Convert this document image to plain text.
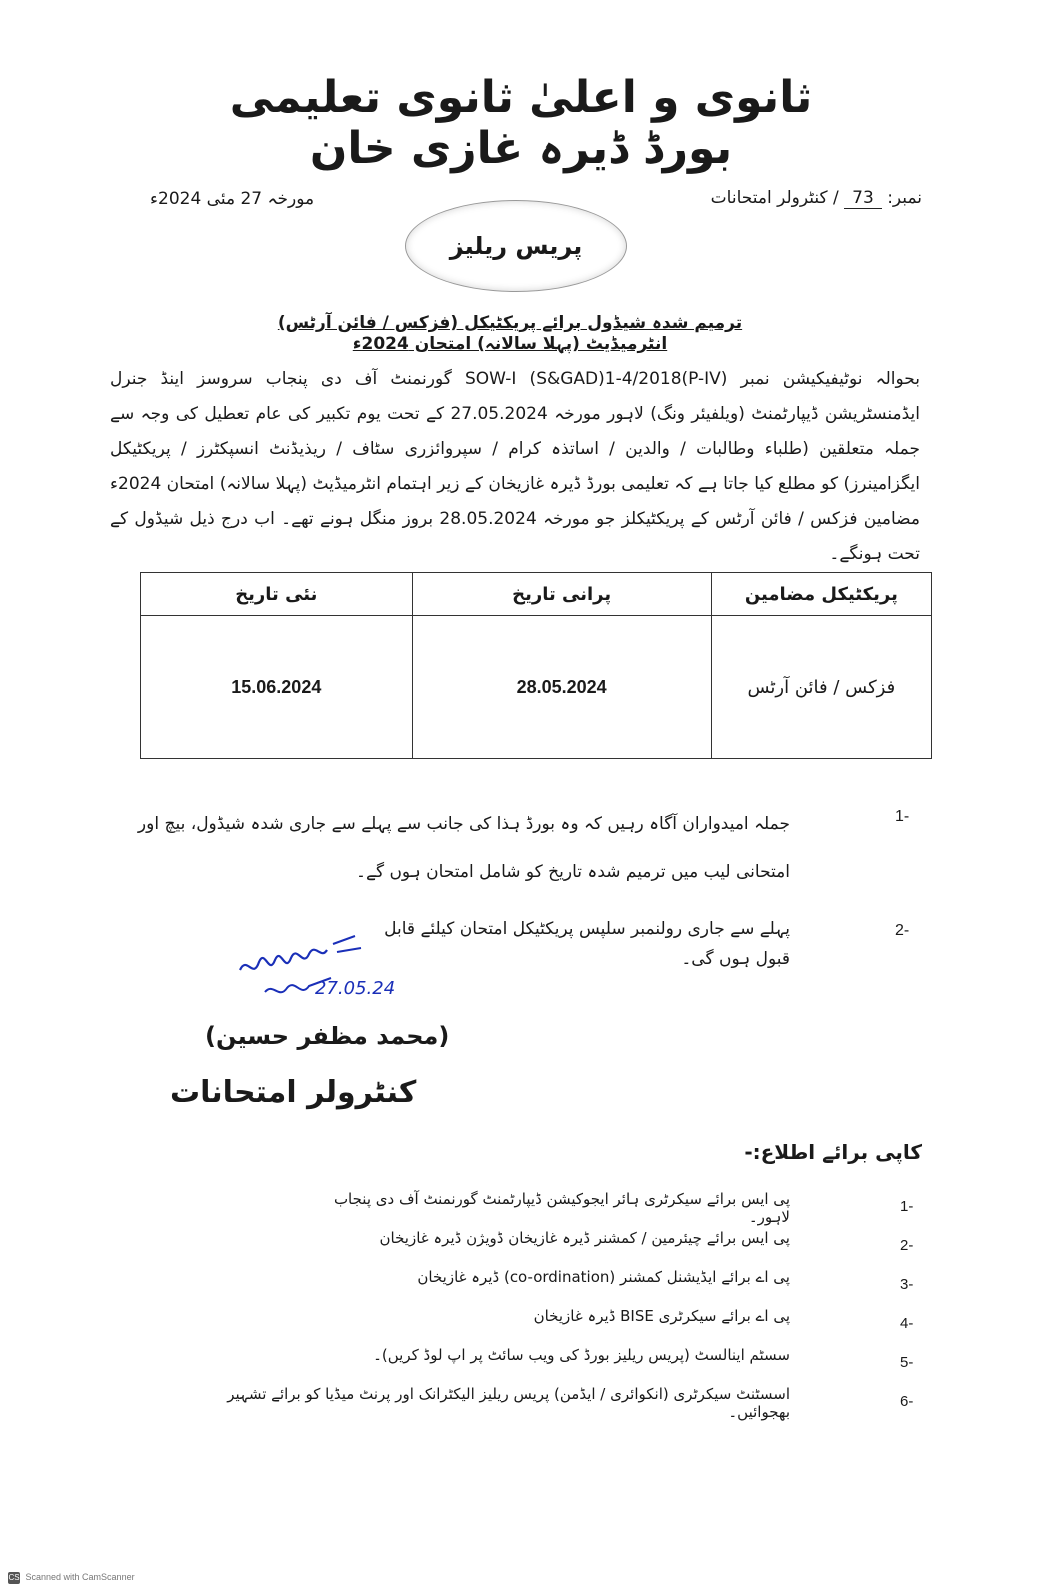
ثانوی و اعلیٰ ثانوی تعلیمی بورڈ ڈیرہ غازی خان
نمبر: 73 / کنٹرولر امتحانات
مورخہ 27 مئی 2024ء
پریس ریلیز
ترمیم شدہ شیڈول برائے پریکٹیکل (فزکس / فائن آرٹس) انٹرمیڈیٹ (پہلا سالانہ) امتحان 2024ء
بحوالہ نوٹیفیکیشن نمبر SOW-I (S&GAD)1-4/2018(P-IV) گورنمنٹ آف دی پنجاب سروسز اینڈ جنرل ایڈمنسٹریشن ڈیپارٹمنٹ (ویلفیئر ونگ) لاہور مورخہ 27.05.2024 کے تحت یوم تکبیر کی عام تعطیل کی وجہ سے جملہ متعلقین (طلباء وطالبات / والدین / اساتذہ کرام / سپروائزری سٹاف / ریذیڈنٹ انسپکٹرز / پریکٹیکل ایگزامینرز) کو مطلع کیا جاتا ہے کہ تعلیمی بورڈ ڈیرہ غازیخان کے زیر اہتمام انٹرمیڈیٹ (پہلا سالانہ) امتحان 2024ء مضامین فزکس / فائن آرٹس کے پریکٹیکلز جو مورخہ 28.05.2024 بروز منگل ہونے تھے۔ اب درج ذیل شیڈول کے تحت ہونگے۔
پریکٹیکل مضامین	پرانی تاریخ	نئی تاریخ
فزکس / فائن آرٹس	28.05.2024	15.06.2024
1-
جملہ امیدواران آگاہ رہیں کہ وہ بورڈ ہذا کی جانب سے پہلے سے جاری شدہ شیڈول، بیچ اور امتحانی لیب میں ترمیم شدہ تاریخ کو شامل امتحان ہوں گے۔
2-
پہلے سے جاری رولنمبر سلپس پریکٹیکل امتحان کیلئے قابل قبول ہوں گی۔
27.05.24
(محمد مظفر حسین)
کنٹرولر امتحانات
کاپی برائے اطلاع:-
1-
پی ایس برائے سیکرٹری ہائر ایجوکیشن ڈیپارٹمنٹ گورنمنٹ آف دی پنجاب لاہور۔
2-
پی ایس برائے چیئرمین / کمشنر ڈیرہ غازیخان ڈویژن ڈیرہ غازیخان
3-
پی اے برائے ایڈیشنل کمشنر (co-ordination) ڈیرہ غازیخان
4-
پی اے برائے سیکرٹری BISE ڈیرہ غازیخان
5-
سسٹم اینالسٹ (پریس ریلیز بورڈ کی ویب سائٹ پر اپ لوڈ کریں)۔
6-
اسسٹنٹ سیکرٹری (انکوائری / ایڈمن) پریس ریلیز الیکٹرانک اور پرنٹ میڈیا کو برائے تشہیر بھجوائیں۔
CS Scanned with CamScanner
